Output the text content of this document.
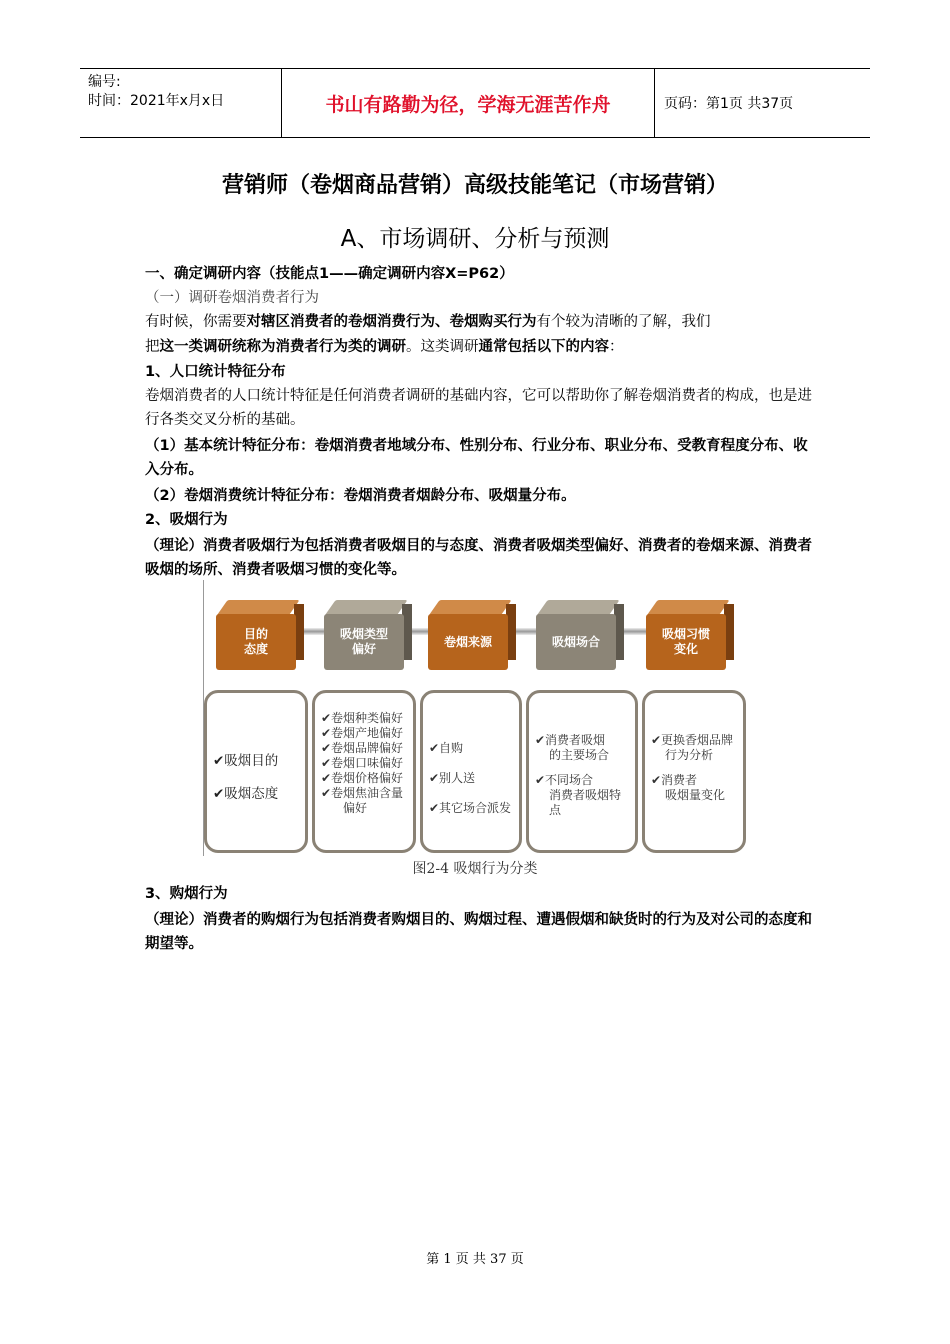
编号:
时间：2021年x月x日	书山有路勤为径，学海无涯苦作舟	页码：第1页 共37页
营销师（卷烟商品营销）高级技能笔记（市场营销）
A、市场调研、分析与预测
一、确定调研内容（技能点1——确定调研内容X=P62）
（一）调研卷烟消费者行为
有时候，你需要对辖区消费者的卷烟消费行为、卷烟购买行为有个较为清晰的了解，我们
把这一类调研统称为消费者行为类的调研。这类调研通常包括以下的内容：
1、人口统计特征分布
卷烟消费者的人口统计特征是任何消费者调研的基础内容，它可以帮助你了解卷烟消费者的构成，也是进行各类交叉分析的基础。
（1）基本统计特征分布：卷烟消费者地域分布、性别分布、行业分布、职业分布、受教育程度分布、收入分布。
（2）卷烟消费统计特征分布：卷烟消费者烟龄分布、吸烟量分布。
2、吸烟行为
（理论）消费者吸烟行为包括消费者吸烟目的与态度、消费者吸烟类型偏好、消费者的卷烟来源、消费者吸烟的场所、消费者吸烟习惯的变化等。
目的
态度
吸烟类型
偏好
卷烟来源	吸烟场合
吸烟习惯
变化
✔吸烟目的
✔吸烟态度
✔卷烟种类偏好
✔卷烟产地偏好
✔卷烟品牌偏好
✔卷烟口味偏好
✔卷烟价格偏好
✔卷烟焦油含量
偏好
✔自购
✔别人送
✔其它场合派发
✔消费者吸烟
的主要场合
✔不同场合
消费者吸烟特点
✔更换香烟品牌
行为分析
✔消费者
吸烟量变化
图2-4 吸烟行为分类
3、购烟行为
（理论）消费者的购烟行为包括消费者购烟目的、购烟过程、遭遇假烟和缺货时的行为及对公司的态度和期望等。
第 1 页 共 37 页
